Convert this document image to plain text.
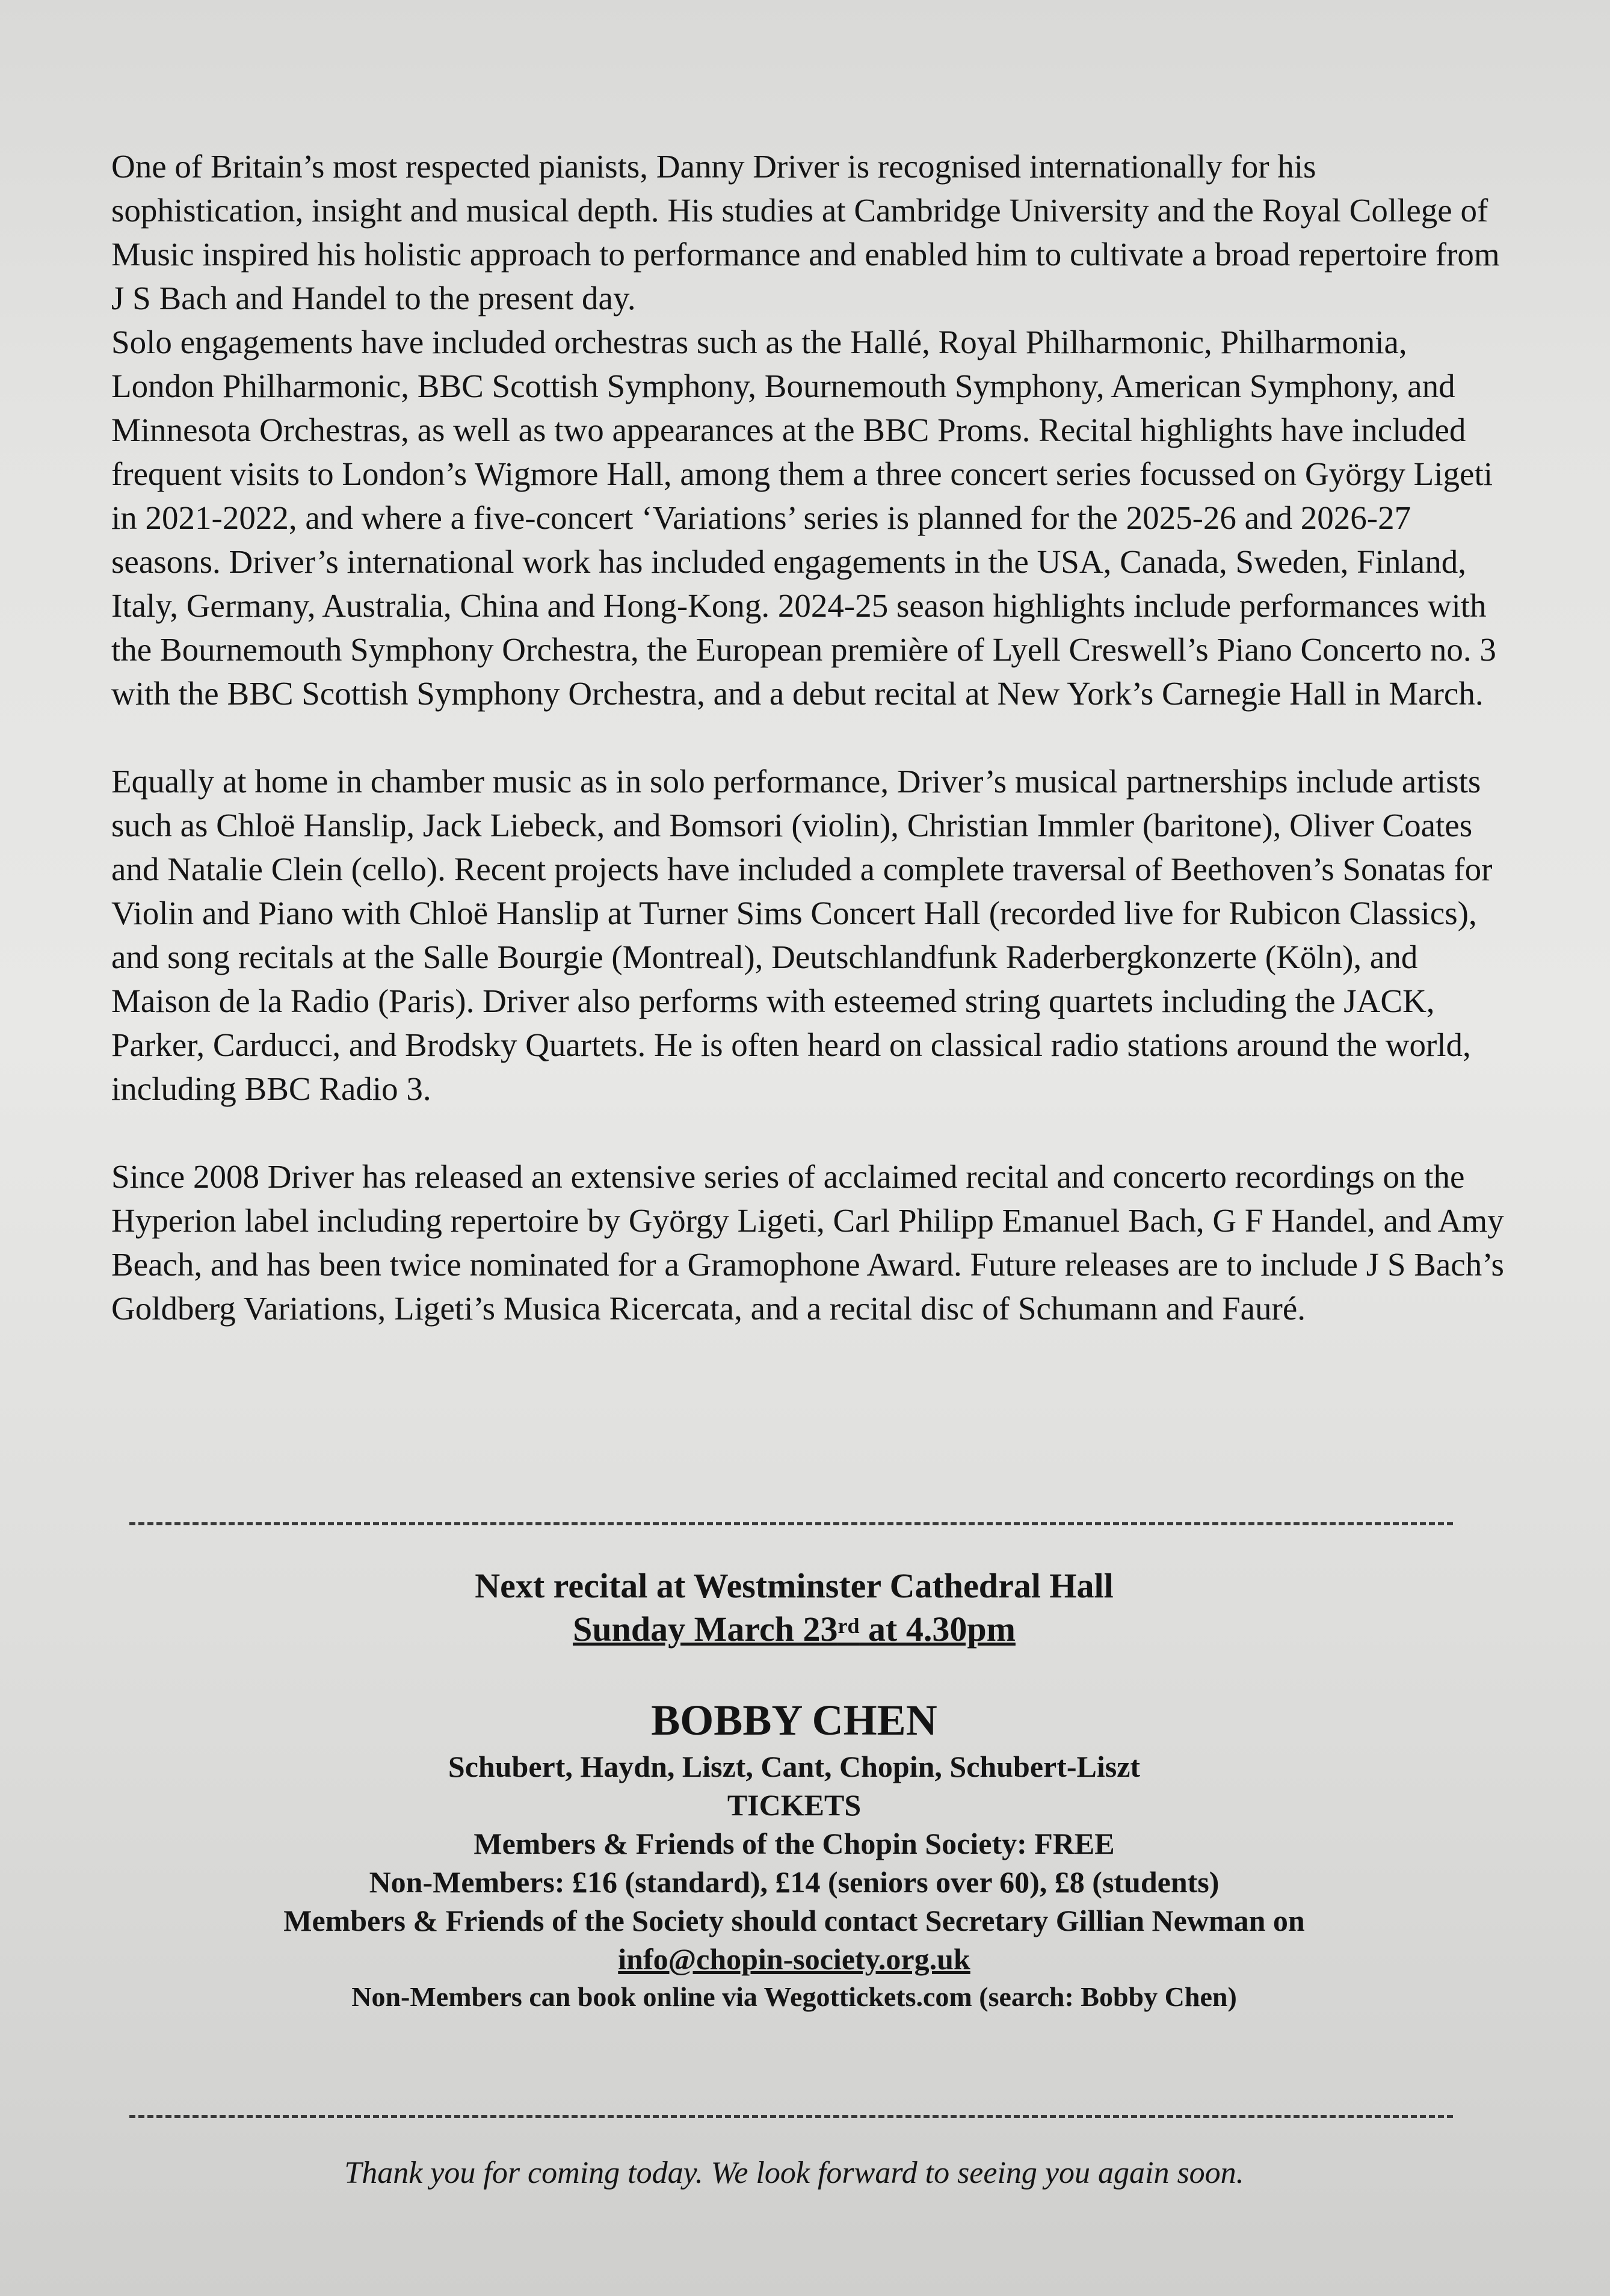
One of Britain’s most respected pianists, Danny Driver is recognised internationally for his sophistication, insight and musical depth. His studies at Cambridge University and the Royal College of Music inspired his holistic approach to performance and enabled him to cultivate a broad repertoire from J S Bach and Handel to the present day.

Solo engagements have included orchestras such as the Hallé, Royal Philharmonic, Philharmonia, London Philharmonic, BBC Scottish Symphony, Bournemouth Symphony, American Symphony, and Minnesota Orchestras, as well as two appearances at the BBC Proms. Recital highlights have included frequent visits to London’s Wigmore Hall, among them a three concert series focussed on György Ligeti in 2021-2022, and where a five-concert ‘Variations’ series is planned for the 2025-26 and 2026-27 seasons. Driver’s international work has included engagements in the USA, Canada, Sweden, Finland, Italy, Germany, Australia, China and Hong-Kong. 2024-25 season highlights include performances with the Bournemouth Symphony Orchestra, the European première of Lyell Creswell’s Piano Concerto no. 3 with the BBC Scottish Symphony Orchestra, and a debut recital at New York’s Carnegie Hall in March.

Equally at home in chamber music as in solo performance, Driver’s musical partnerships include artists such as Chloë Hanslip, Jack Liebeck, and Bomsori (violin), Christian Immler (baritone), Oliver Coates and Natalie Clein (cello). Recent projects have included a complete traversal of Beethoven’s Sonatas for Violin and Piano with Chloë Hanslip at Turner Sims Concert Hall (recorded live for Rubicon Classics), and song recitals at the Salle Bourgie (Montreal), Deutschlandfunk Raderbergkonzerte (Köln), and Maison de la Radio (Paris). Driver also performs with esteemed string quartets including the JACK, Parker, Carducci, and Brodsky Quartets. He is often heard on classical radio stations around the world, including BBC Radio 3.

Since 2008 Driver has released an extensive series of acclaimed recital and concerto recordings on the Hyperion label including repertoire by György Ligeti, Carl Philipp Emanuel Bach, G F Handel, and Amy Beach, and has been twice nominated for a Gramophone Award. Future releases are to include J S Bach’s Goldberg Variations, Ligeti’s Musica Ricercata, and a recital disc of Schumann and Fauré.

Next recital at Westminster Cathedral Hall
Sunday March 23rd at 4.30pm
BOBBY CHEN
Schubert, Haydn, Liszt, Cant, Chopin, Schubert-Liszt
TICKETS
Members & Friends of the Chopin Society: FREE
Non-Members: £16 (standard), £14 (seniors over 60), £8 (students)
Members & Friends of the Society should contact Secretary Gillian Newman on
info@chopin-society.org.uk
Non-Members can book online via Wegottickets.com (search: Bobby Chen)
Thank you for coming today. We look forward to seeing you again soon.
